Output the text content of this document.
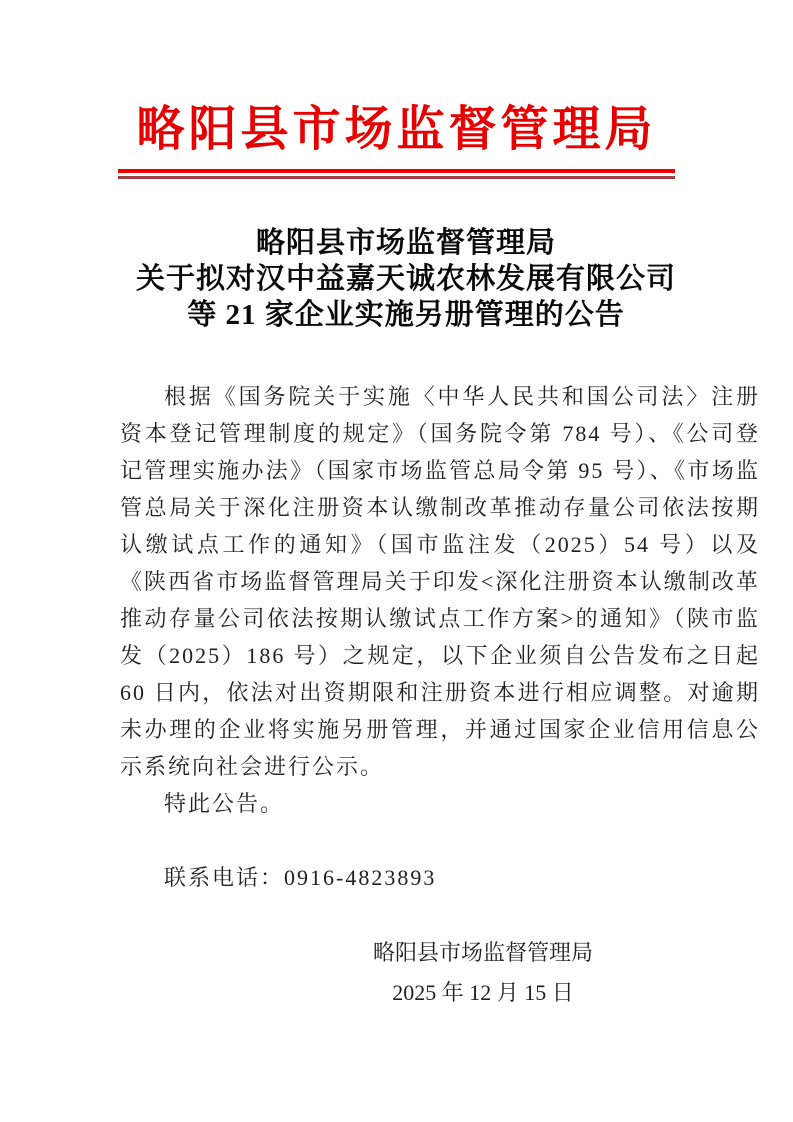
略阳县市场监督管理局
略阳县市场监督管理局
关于拟对汉中益嘉天诚农林发展有限公司
等 21 家企业实施另册管理的公告

根据《国务院关于实施〈中华人民共和国公司法〉注册资本登记管理制度的规定》（国务院令第 784 号）、《公司登记管理实施办法》（国家市场监管总局令第 95 号）、《市场监管总局关于深化注册资本认缴制改革推动存量公司依法按期认缴试点工作的通知》（国市监注发（2025）54 号）以及《陕西省市场监督管理局关于印发<深化注册资本认缴制改革推动存量公司依法按期认缴试点工作方案>的通知》（陕市监发（2025）186 号）之规定，以下企业须自公告发布之日起 60 日内，依法对出资期限和注册资本进行相应调整。对逾期未办理的企业将实施另册管理，并通过国家企业信用信息公示系统向社会进行公示。

特此公告。

联系电话：0916-4823893

略阳县市场监督管理局
2025 年 12 月 15 日
